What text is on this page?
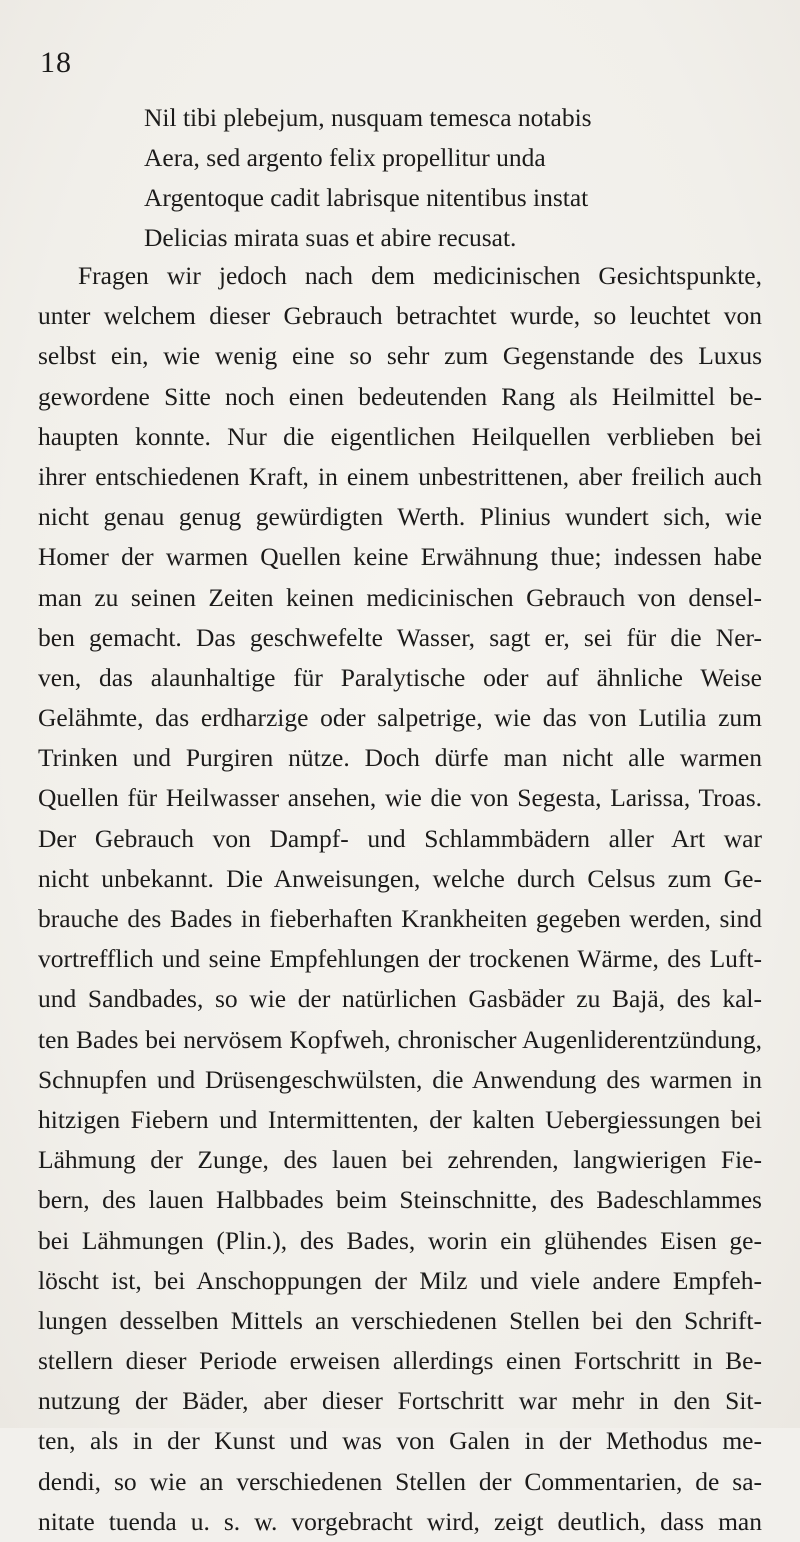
18
Nil tibi plebejum, nusquam temesca notabis
Aera, sed argento felix propellitur unda
Argentoque cadit labrisque nitentibus instat
Delicias mirata suas et abire recusat.
Fragen wir jedoch nach dem medicinischen Gesichtspunkte,
unter welchem dieser Gebrauch betrachtet wurde, so leuchtet von
selbst ein, wie wenig eine so sehr zum Gegenstande des Luxus
gewordene Sitte noch einen bedeutenden Rang als Heilmittel be-
haupten konnte. Nur die eigentlichen Heilquellen verblieben bei
ihrer entschiedenen Kraft, in einem unbestrittenen, aber freilich auch
nicht genau genug gewürdigten Werth. Plinius wundert sich, wie
Homer der warmen Quellen keine Erwähnung thue; indessen habe
man zu seinen Zeiten keinen medicinischen Gebrauch von densel-
ben gemacht. Das geschwefelte Wasser, sagt er, sei für die Ner-
ven, das alaunhaltige für Paralytische oder auf ähnliche Weise
Gelähmte, das erdharzige oder salpetrige, wie das von Lutilia zum
Trinken und Purgiren nütze. Doch dürfe man nicht alle warmen
Quellen für Heilwasser ansehen, wie die von Segesta, Larissa, Troas.
Der Gebrauch von Dampf- und Schlammbädern aller Art war
nicht unbekannt. Die Anweisungen, welche durch Celsus zum Ge-
brauche des Bades in fieberhaften Krankheiten gegeben werden, sind
vortrefflich und seine Empfehlungen der trockenen Wärme, des Luft-
und Sandbades, so wie der natürlichen Gasbäder zu Bajä, des kal-
ten Bades bei nervösem Kopfweh, chronischer Augenliderentzündung,
Schnupfen und Drüsengeschwülsten, die Anwendung des warmen in
hitzigen Fiebern und Intermittenten, der kalten Uebergiessungen bei
Lähmung der Zunge, des lauen bei zehrenden, langwierigen Fie-
bern, des lauen Halbbades beim Steinschnitte, des Badeschlammes
bei Lähmungen (Plin.), des Bades, worin ein glühendes Eisen ge-
löscht ist, bei Anschoppungen der Milz und viele andere Empfeh-
lungen desselben Mittels an verschiedenen Stellen bei den Schrift-
stellern dieser Periode erweisen allerdings einen Fortschritt in Be-
nutzung der Bäder, aber dieser Fortschritt war mehr in den Sit-
ten, als in der Kunst und was von Galen in der Methodus me-
dendi, so wie an verschiedenen Stellen der Commentarien, de sa-
nitate tuenda u. s. w. vorgebracht wird, zeigt deutlich, dass man
